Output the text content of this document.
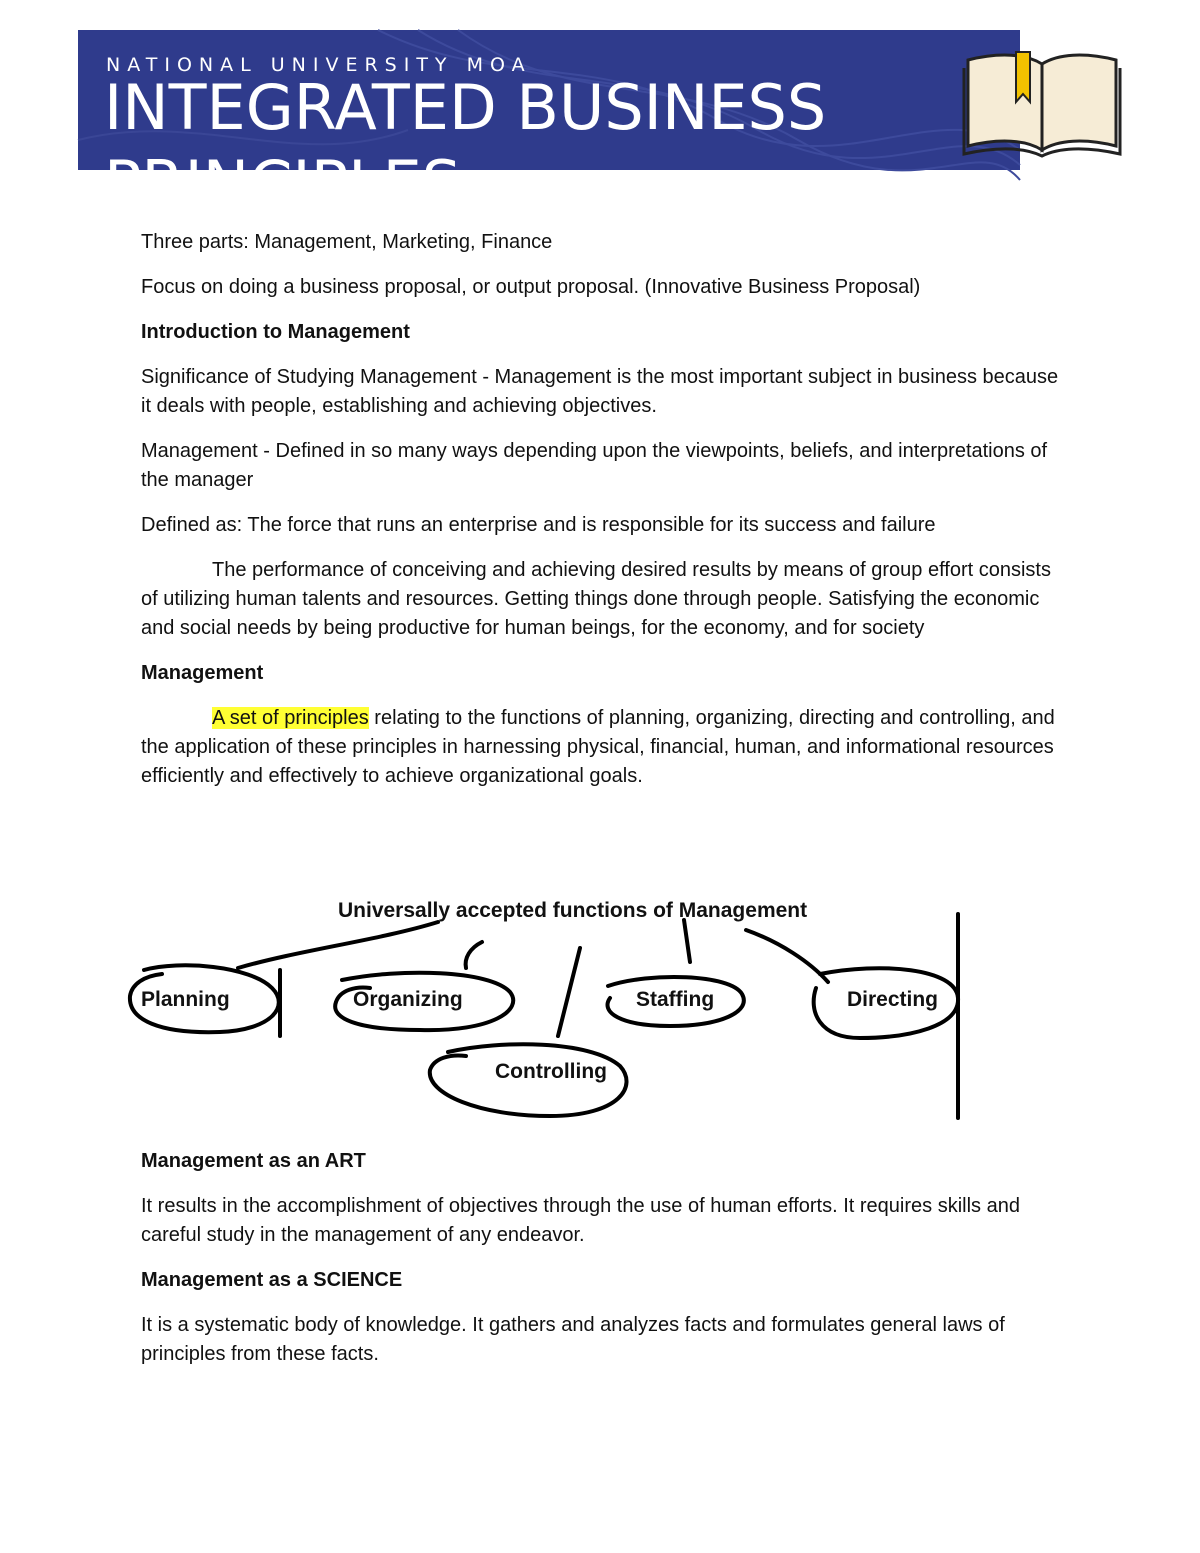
NATIONAL UNIVERSITY MOA

INTEGRATED BUSINESS PRINCIPLES

Three parts: Management, Marketing, Finance

Focus on doing a business proposal, or output proposal. (Innovative Business Proposal)

Introduction to Management

Significance of Studying Management - Management is the most important subject in business because it deals with people, establishing and achieving objectives.

Management - Defined in so many ways depending upon the viewpoints, beliefs, and interpretations of the manager

Defined as: The force that runs an enterprise and is responsible for its success and failure

The performance of conceiving and achieving desired results by means of group effort consists of utilizing human talents and resources. Getting things done through people. Satisfying the economic and social needs by being productive for human beings, for the economy, and for society

Management

A set of principles relating to the functions of planning, organizing, directing and controlling, and the application of these principles in harnessing physical, financial, human, and informational resources efficiently and effectively to achieve organizational goals.

Universally accepted functions of Management
Planning	Organizing	Staffing	Directing
Controlling

Management as an ART

It results in the accomplishment of objectives through the use of human efforts. It requires skills and careful study in the management of any endeavor.

Management as a SCIENCE

It is a systematic body of knowledge. It gathers and analyzes facts and formulates general laws of principles from these facts.
